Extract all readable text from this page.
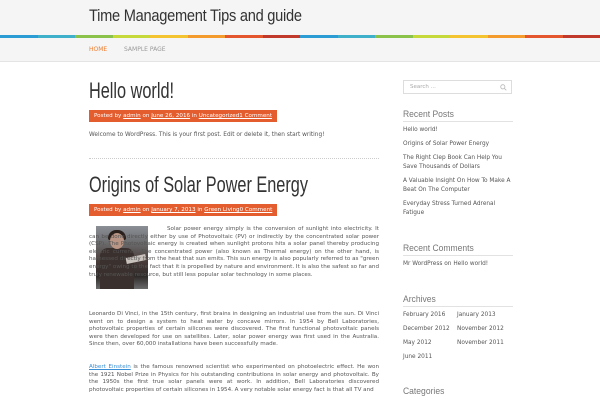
Time Management Tips and guide
HOME	SAMPLE PAGE
Hello world!
Posted by admin on June 26, 2016 in Uncategorized1 Comment
Welcome to WordPress. This is your first post. Edit or delete it, then start writing!
Origins of Solar Power Energy
Posted by admin on January 7, 2013 in Green Living0 Comment
Solar power energy simply is the conversion of sunlight into electricity. It can be done directly either by use of Photovoltaic (PV) or indirectly by the concentrated solar power (CSP). The Photovoltaic energy is created when sunlight protons hits a solar panel thereby producing electric currents. The concentrated power (also known as Thermal energy) on the other hand, is harnessed directly from the heat that sun emits. This sun energy is also popularly referred to as "green energy" owing to the fact that it is propelled by nature and environment. It is also the safest so far and truly renewable resource, but still less popular solar technology in some places.
Leonardo Di Vinci, in the 15th century, first brains in designing an industrial use from the sun. Di Vinci went on to design a system to heat water by concave mirrors. In 1954 by Bell Laboratories, photovoltaic properties of certain silicones were discovered. The first functional photovoltaic panels were then developed for use on satellites. Later, solar power energy was first used in the Australia. Since then, over 60,000 installations have been successfully made.
Albert Einstein is the famous renowned scientist who experimented on photoelectric effect. He won the 1921 Nobel Prize in Physics for his outstanding contributions in solar energy and photovoltaic. By the 1950s the first true solar panels were at work. In addition, Bell Laboratories discovered photovoltaic properties of certain silicones in 1954. A very notable solar energy fact is that all TV and
Search ...
Recent Posts
Hello world!
Origins of Solar Power Energy
The Right Clep Book Can Help You Save Thousands of Dollars
A Valuable Insight On How To Make A Beat On The Computer
Everyday Stress Turned Adrenal Fatigue
Recent Comments
Mr WordPress on Hello world!
Archives
February 2016 January 2013
December 2012 November 2012
May 2012	November 2011
June 2011
Categories
